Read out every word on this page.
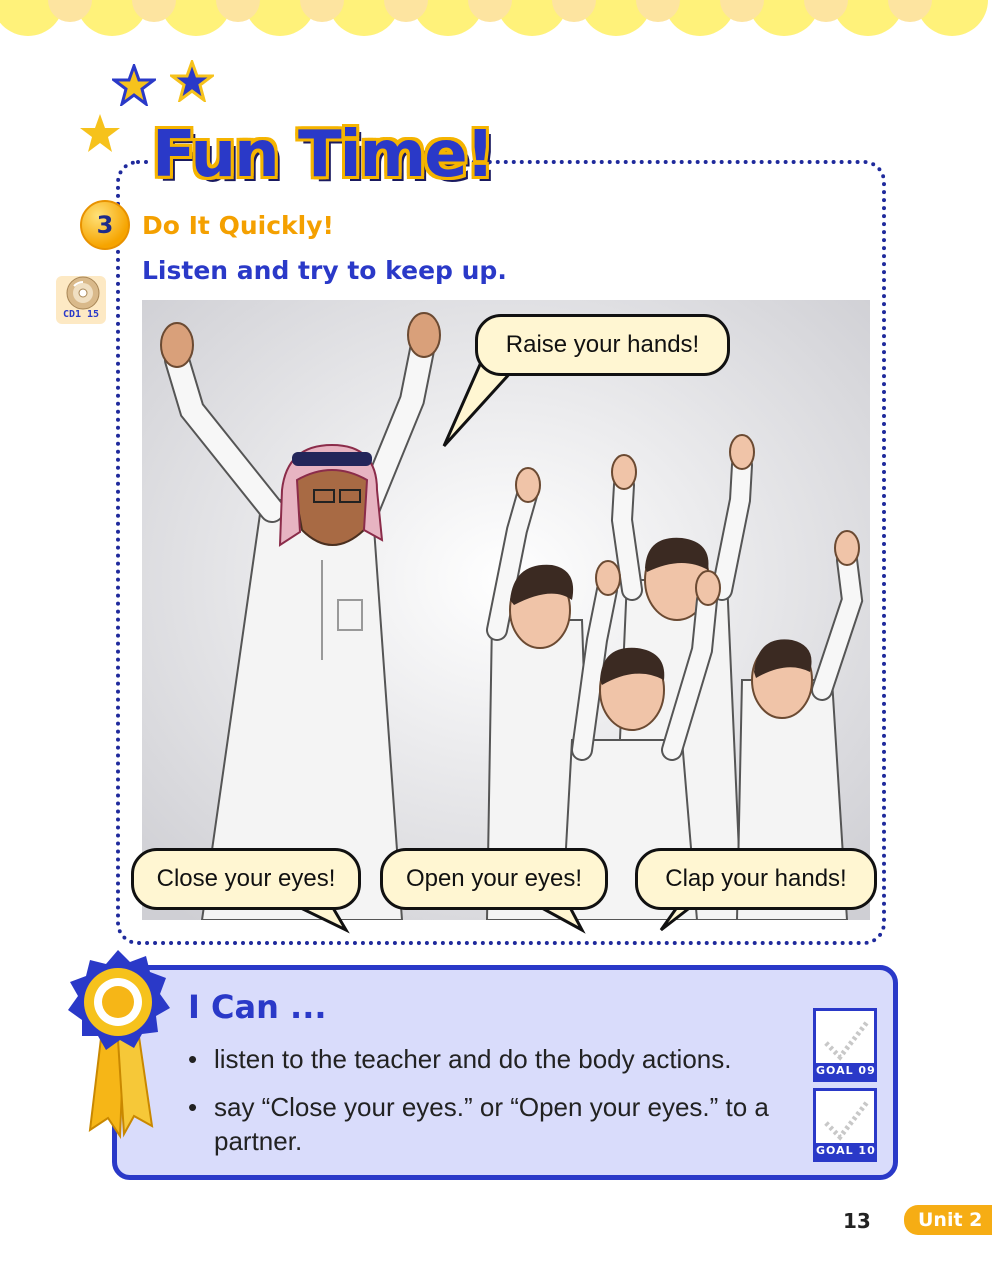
Fun Time!
3	Do It Quickly!
Listen and try to keep up.
CD1 15
Raise your hands!
Close your eyes!	Open your eyes!	Clap your hands!
I Can ...
• listen to the teacher and do the body actions.
• say “Close your eyes.” or “Open your eyes.” to a partner.
GOAL 09
GOAL 10
13	Unit 2
